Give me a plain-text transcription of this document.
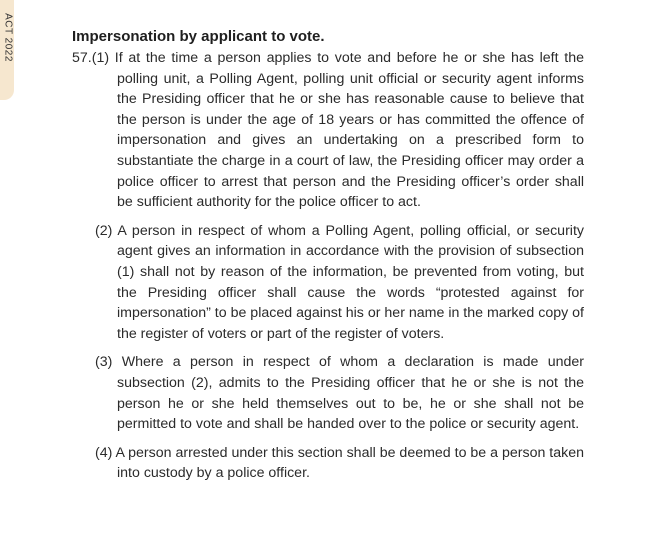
ACT 2022	Impersonation by applicant to vote.

57.(1) If at the time a person applies to vote and before he or she has left the polling unit, a Polling Agent, polling unit official or security agent informs the Presiding officer that he or she has reasonable cause to believe that the person is under the age of 18 years or has committed the offence of impersonation and gives an undertaking on a prescribed form to substantiate the charge in a court of law, the Presiding officer may order a police officer to arrest that person and the Presiding officer’s order shall be sufficient authority for the police officer to act.

(2) A person in respect of whom a Polling Agent, polling official, or security agent gives an information in accordance with the provision of subsection (1) shall not by reason of the information, be prevented from voting, but the Presiding officer shall cause the words “protested against for impersonation” to be placed against his or her name in the marked copy of the register of voters or part of the register of voters.

(3) Where a person in respect of whom a declaration is made under subsection (2), admits to the Presiding officer that he or she is not the person he or she held themselves out to be, he or she shall not be permitted to vote and shall be handed over to the police or security agent.

(4) A person arrested under this section shall be deemed to be a person taken into custody by a police officer.
